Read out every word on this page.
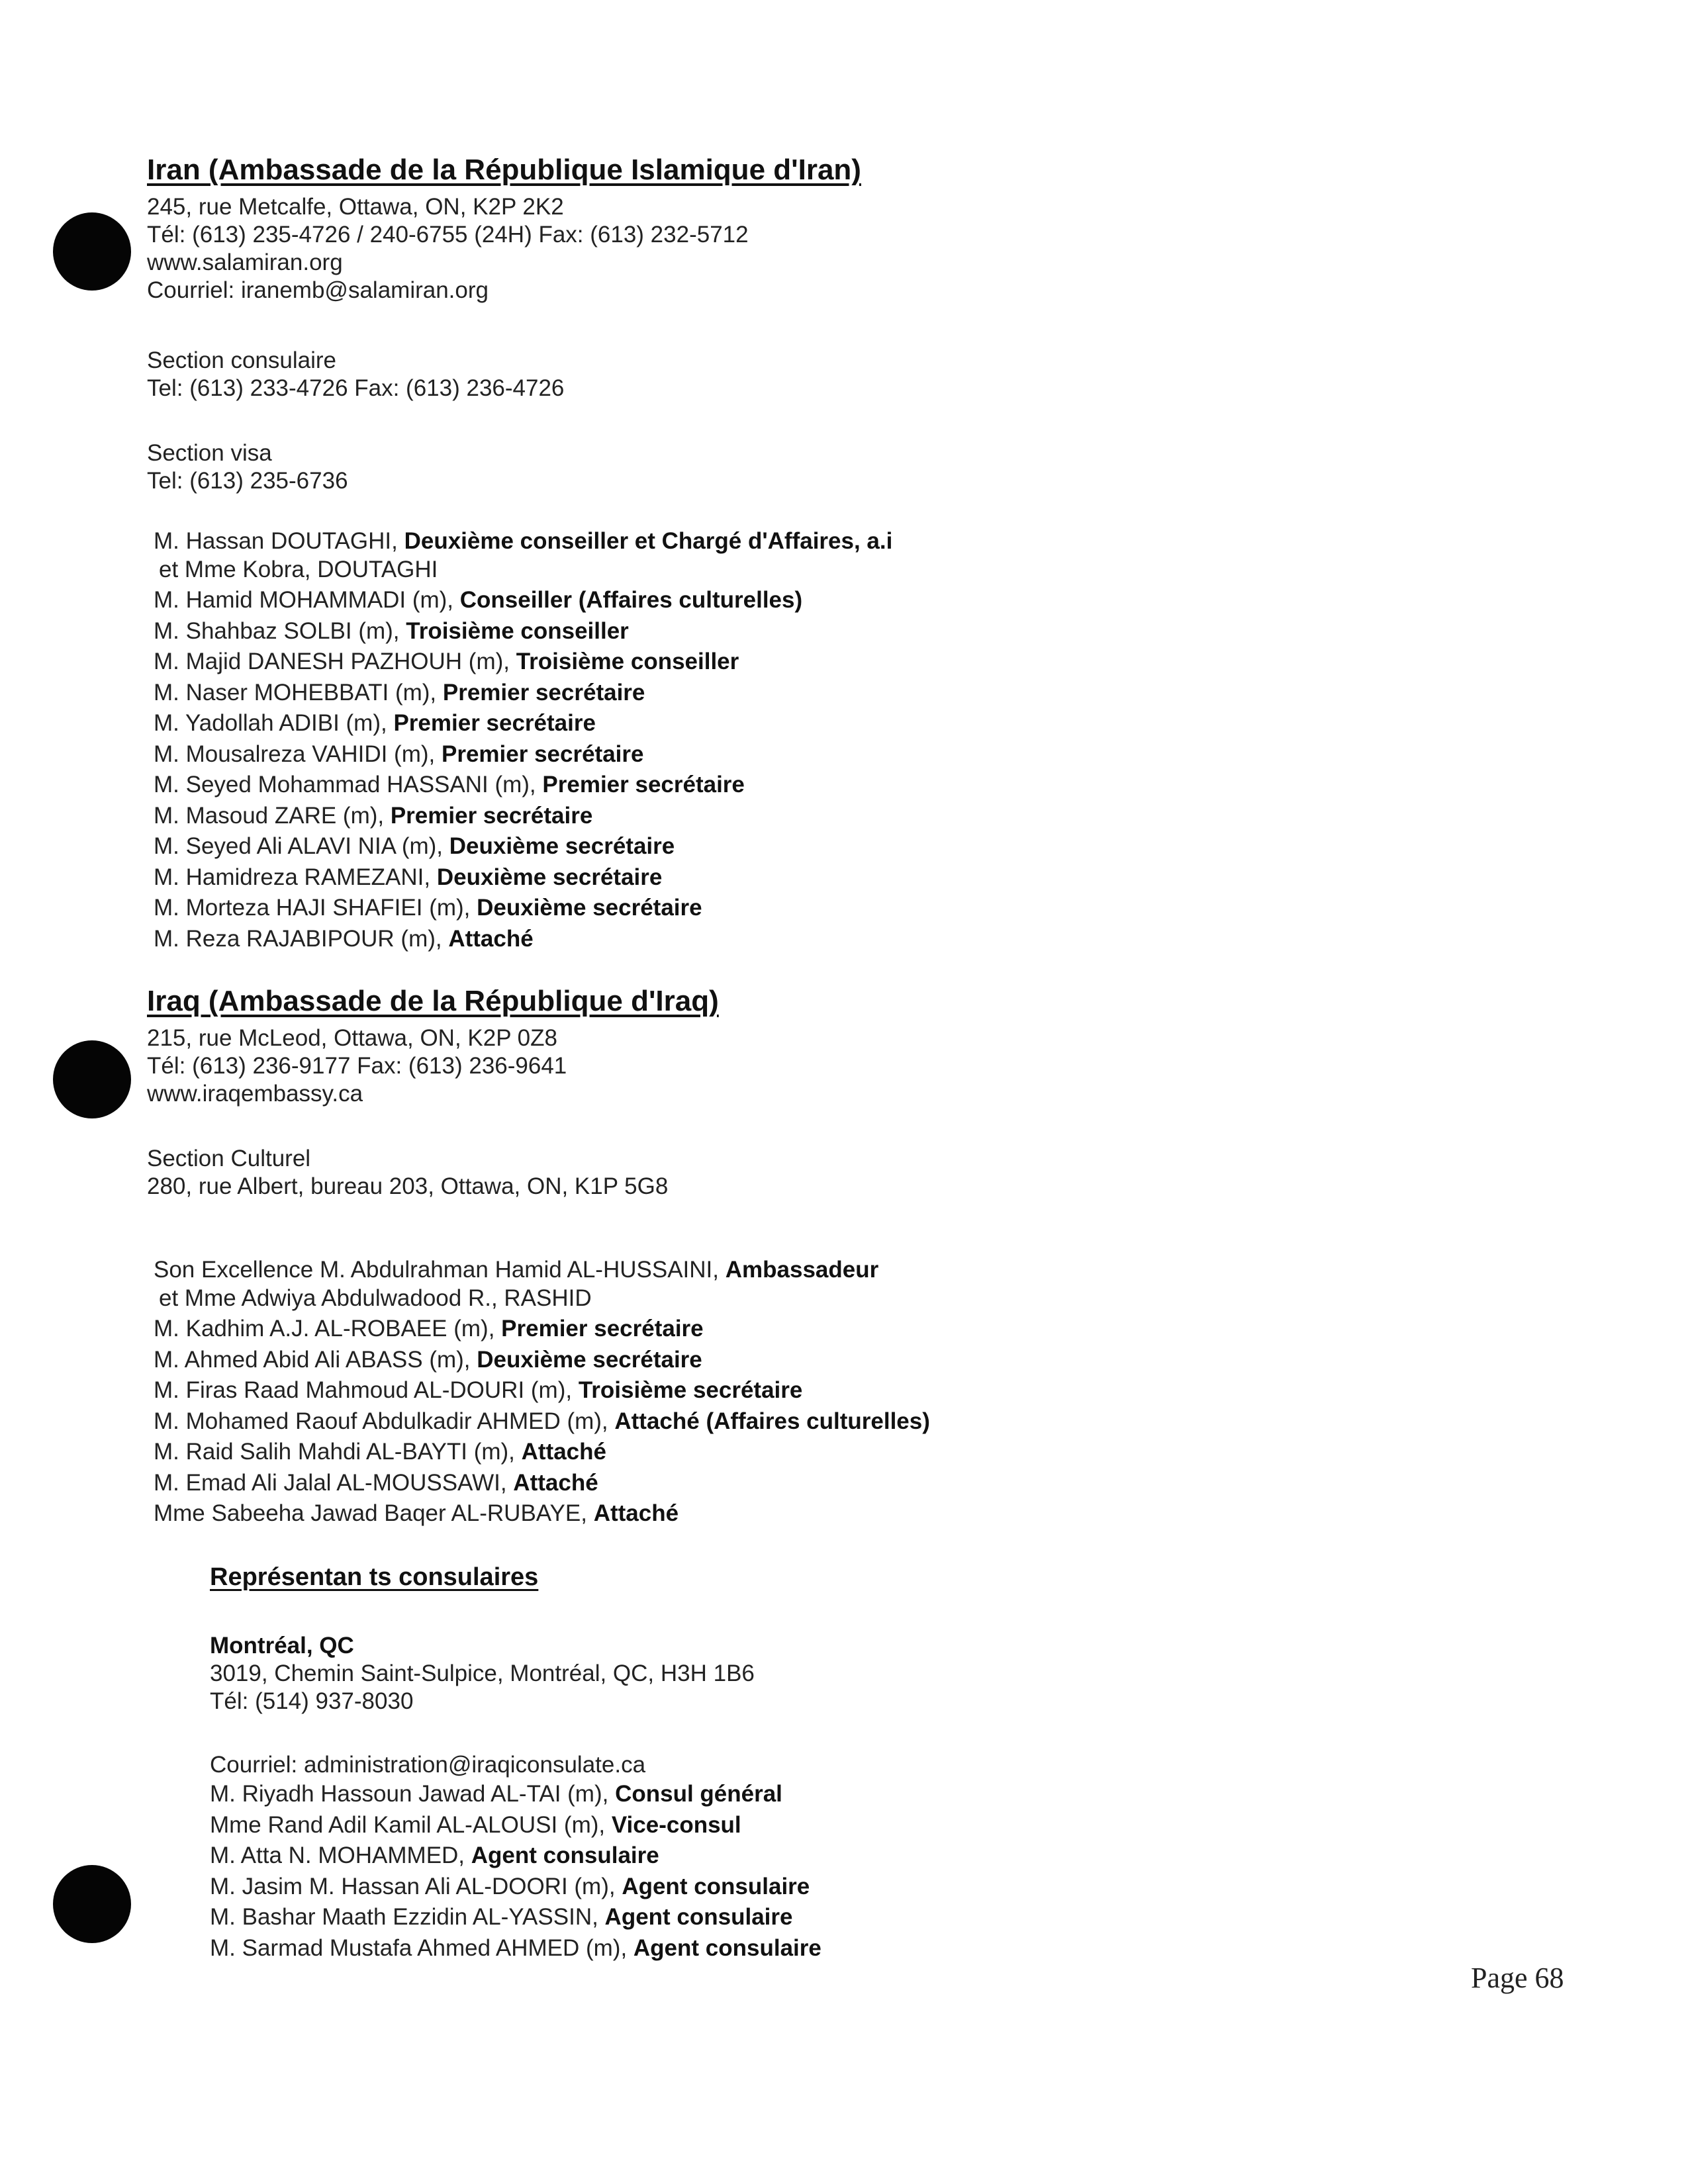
Iran (Ambassade de la République Islamique d'Iran)
245, rue Metcalfe, Ottawa, ON, K2P 2K2
Tél: (613) 235-4726 / 240-6755 (24H) Fax: (613) 232-5712
www.salamiran.org
Courriel: iranemb@salamiran.org
Section consulaire
Tel: (613) 233-4726 Fax: (613) 236-4726
Section visa
Tel: (613) 235-6736
M. Hassan DOUTAGHI, Deuxième conseiller et Chargé d'Affaires, a.i
et Mme Kobra, DOUTAGHI
M. Hamid MOHAMMADI (m), Conseiller (Affaires culturelles)
M. Shahbaz SOLBI (m), Troisième conseiller
M. Majid DANESH PAZHOUH (m), Troisième conseiller
M. Naser MOHEBBATI (m), Premier secrétaire
M. Yadollah ADIBI (m), Premier secrétaire
M. Mousalreza VAHIDI (m), Premier secrétaire
M. Seyed Mohammad HASSANI (m), Premier secrétaire
M. Masoud ZARE (m), Premier secrétaire
M. Seyed Ali ALAVI NIA (m), Deuxième secrétaire
M. Hamidreza RAMEZANI, Deuxième secrétaire
M. Morteza HAJI SHAFIEI (m), Deuxième secrétaire
M. Reza RAJABIPOUR (m), Attaché
Iraq (Ambassade de la République d'Iraq)
215, rue McLeod, Ottawa, ON, K2P 0Z8
Tél: (613) 236-9177 Fax: (613) 236-9641
www.iraqembassy.ca
Section Culturel
280, rue Albert, bureau 203, Ottawa, ON, K1P 5G8
Son Excellence M. Abdulrahman Hamid AL-HUSSAINI, Ambassadeur
et Mme Adwiya Abdulwadood R., RASHID
M. Kadhim A.J. AL-ROBAEE (m), Premier secrétaire
M. Ahmed Abid Ali ABASS (m), Deuxième secrétaire
M. Firas Raad Mahmoud AL-DOURI (m), Troisième secrétaire
M. Mohamed Raouf Abdulkadir AHMED (m), Attaché (Affaires culturelles)
M. Raid Salih Mahdi AL-BAYTI (m), Attaché
M. Emad Ali Jalal AL-MOUSSAWI, Attaché
Mme Sabeeha Jawad Baqer AL-RUBAYE, Attaché
Représentan ts consulaires
Montréal, QC
3019, Chemin Saint-Sulpice, Montréal, QC, H3H 1B6
Tél: (514) 937-8030
Courriel: administration@iraqiconsulate.ca
M. Riyadh Hassoun Jawad AL-TAI (m), Consul général
Mme Rand Adil Kamil AL-ALOUSI (m), Vice-consul
M. Atta N. MOHAMMED, Agent consulaire
M. Jasim M. Hassan Ali AL-DOORI (m), Agent consulaire
M. Bashar Maath Ezzidin AL-YASSIN, Agent consulaire
M. Sarmad Mustafa Ahmed AHMED (m), Agent consulaire
Page 68
